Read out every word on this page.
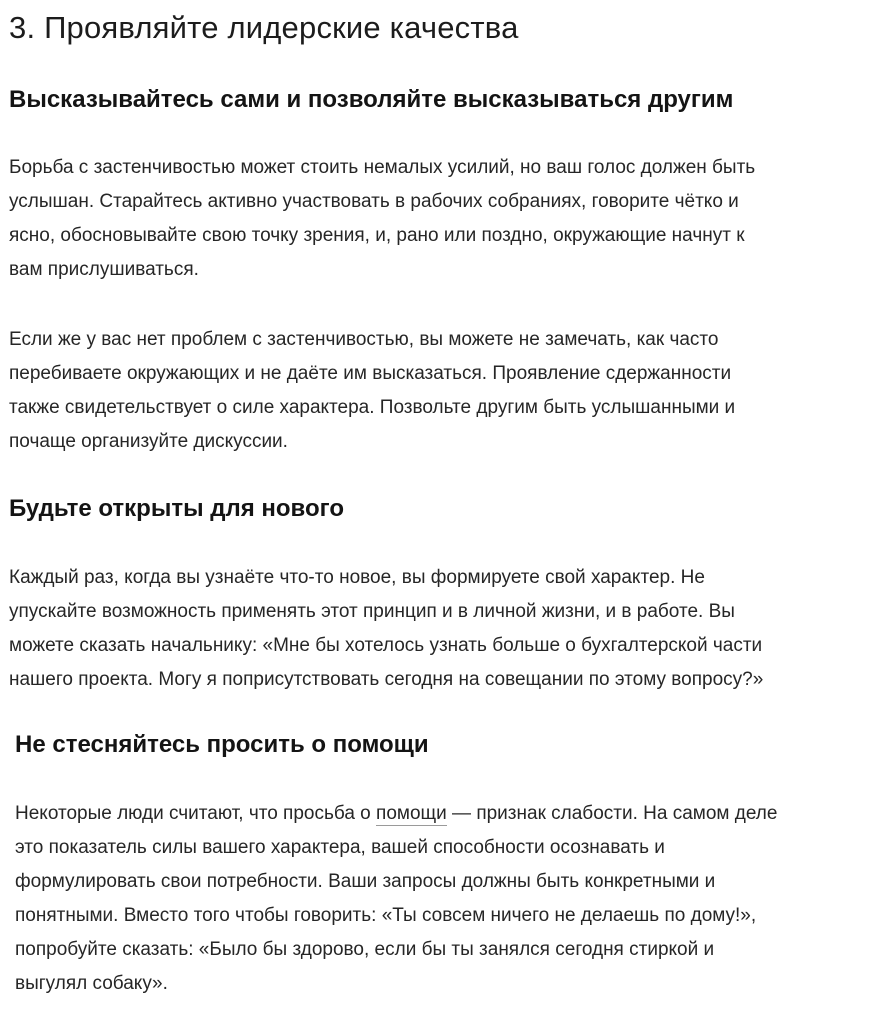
3. Проявляйте лидерские качества
Высказывайтесь сами и позволяйте высказываться другим

Борьба с застенчивостью может стоить немалых усилий, но ваш голос должен быть
услышан. Старайтесь активно участвовать в рабочих собраниях, говорите чётко и
ясно, обосновывайте свою точку зрения, и, рано или поздно, окружающие начнут к
вам прислушиваться.

Если же у вас нет проблем с застенчивостью, вы можете не замечать, как часто
перебиваете окружающих и не даёте им высказаться. Проявление сдержанности
также свидетельствует о силе характера. Позвольте другим быть услышанными и
почаще организуйте дискуссии.

Будьте открыты для нового

Каждый раз, когда вы узнаёте что-то новое, вы формируете свой характер. Не
упускайте возможность применять этот принцип и в личной жизни, и в работе. Вы
можете сказать начальнику: «Мне бы хотелось узнать больше о бухгалтерской части
нашего проекта. Могу я поприсутствовать сегодня на совещании по этому вопросу?»

Не стесняйтесь просить о помощи

Некоторые люди считают, что просьба о помощи — признак слабости. На самом деле
это показатель силы вашего характера, вашей способности осознавать и
формулировать свои потребности. Ваши запросы должны быть конкретными и
понятными. Вместо того чтобы говорить: «Ты совсем ничего не делаешь по дому!»,
попробуйте сказать: «Было бы здорово, если бы ты занялся сегодня стиркой и
выгулял собаку».
